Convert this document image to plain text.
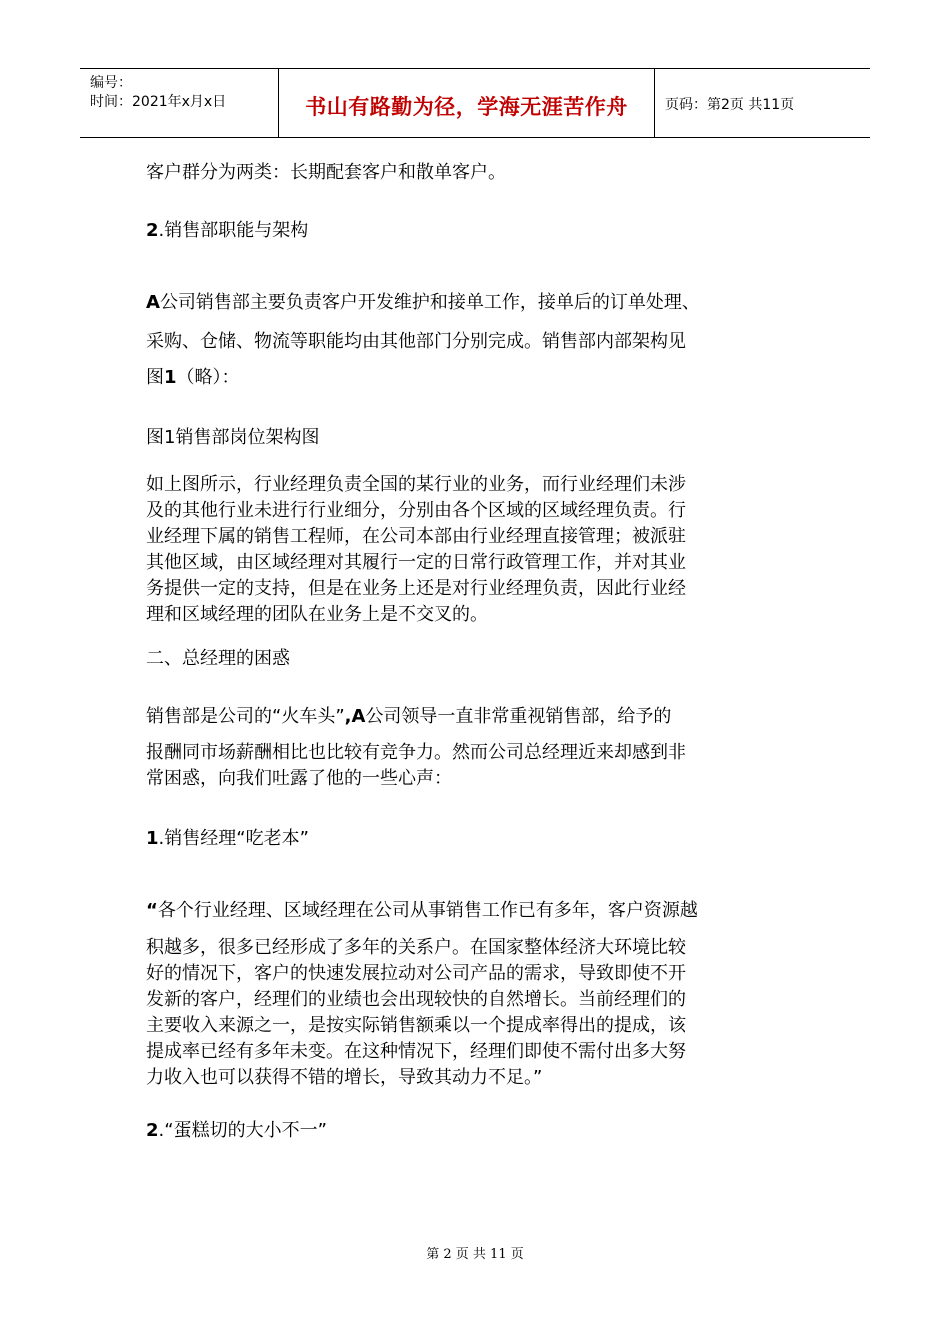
编号：
时间：2021年x月x日	书山有路勤为径，学海无涯苦作舟	页码：第2页 共11页
客户群分为两类：长期配套客户和散单客户。
2.销售部职能与架构
A公司销售部主要负责客户开发维护和接单工作，接单后的订单处理、
采购、仓储、物流等职能均由其他部门分别完成。销售部内部架构见
图1（略）：
图1销售部岗位架构图
如上图所示，行业经理负责全国的某行业的业务，而行业经理们未涉
及的其他行业未进行行业细分，分别由各个区域的区域经理负责。行
业经理下属的销售工程师，在公司本部由行业经理直接管理；被派驻
其他区域，由区域经理对其履行一定的日常行政管理工作，并对其业
务提供一定的支持，但是在业务上还是对行业经理负责，因此行业经
理和区域经理的团队在业务上是不交叉的。
二、总经理的困惑
销售部是公司的“火车头”,A公司领导一直非常重视销售部，给予的
报酬同市场薪酬相比也比较有竞争力。然而公司总经理近来却感到非
常困惑，向我们吐露了他的一些心声：
1.销售经理“吃老本”
“各个行业经理、区域经理在公司从事销售工作已有多年，客户资源越
积越多，很多已经形成了多年的关系户。在国家整体经济大环境比较
好的情况下，客户的快速发展拉动对公司产品的需求，导致即使不开
发新的客户，经理们的业绩也会出现较快的自然增长。当前经理们的
主要收入来源之一，是按实际销售额乘以一个提成率得出的提成，该
提成率已经有多年未变。在这种情况下，经理们即使不需付出多大努
力收入也可以获得不错的增长，导致其动力不足。”
2.“蛋糕切的大小不一”
第 2 页 共 11 页
